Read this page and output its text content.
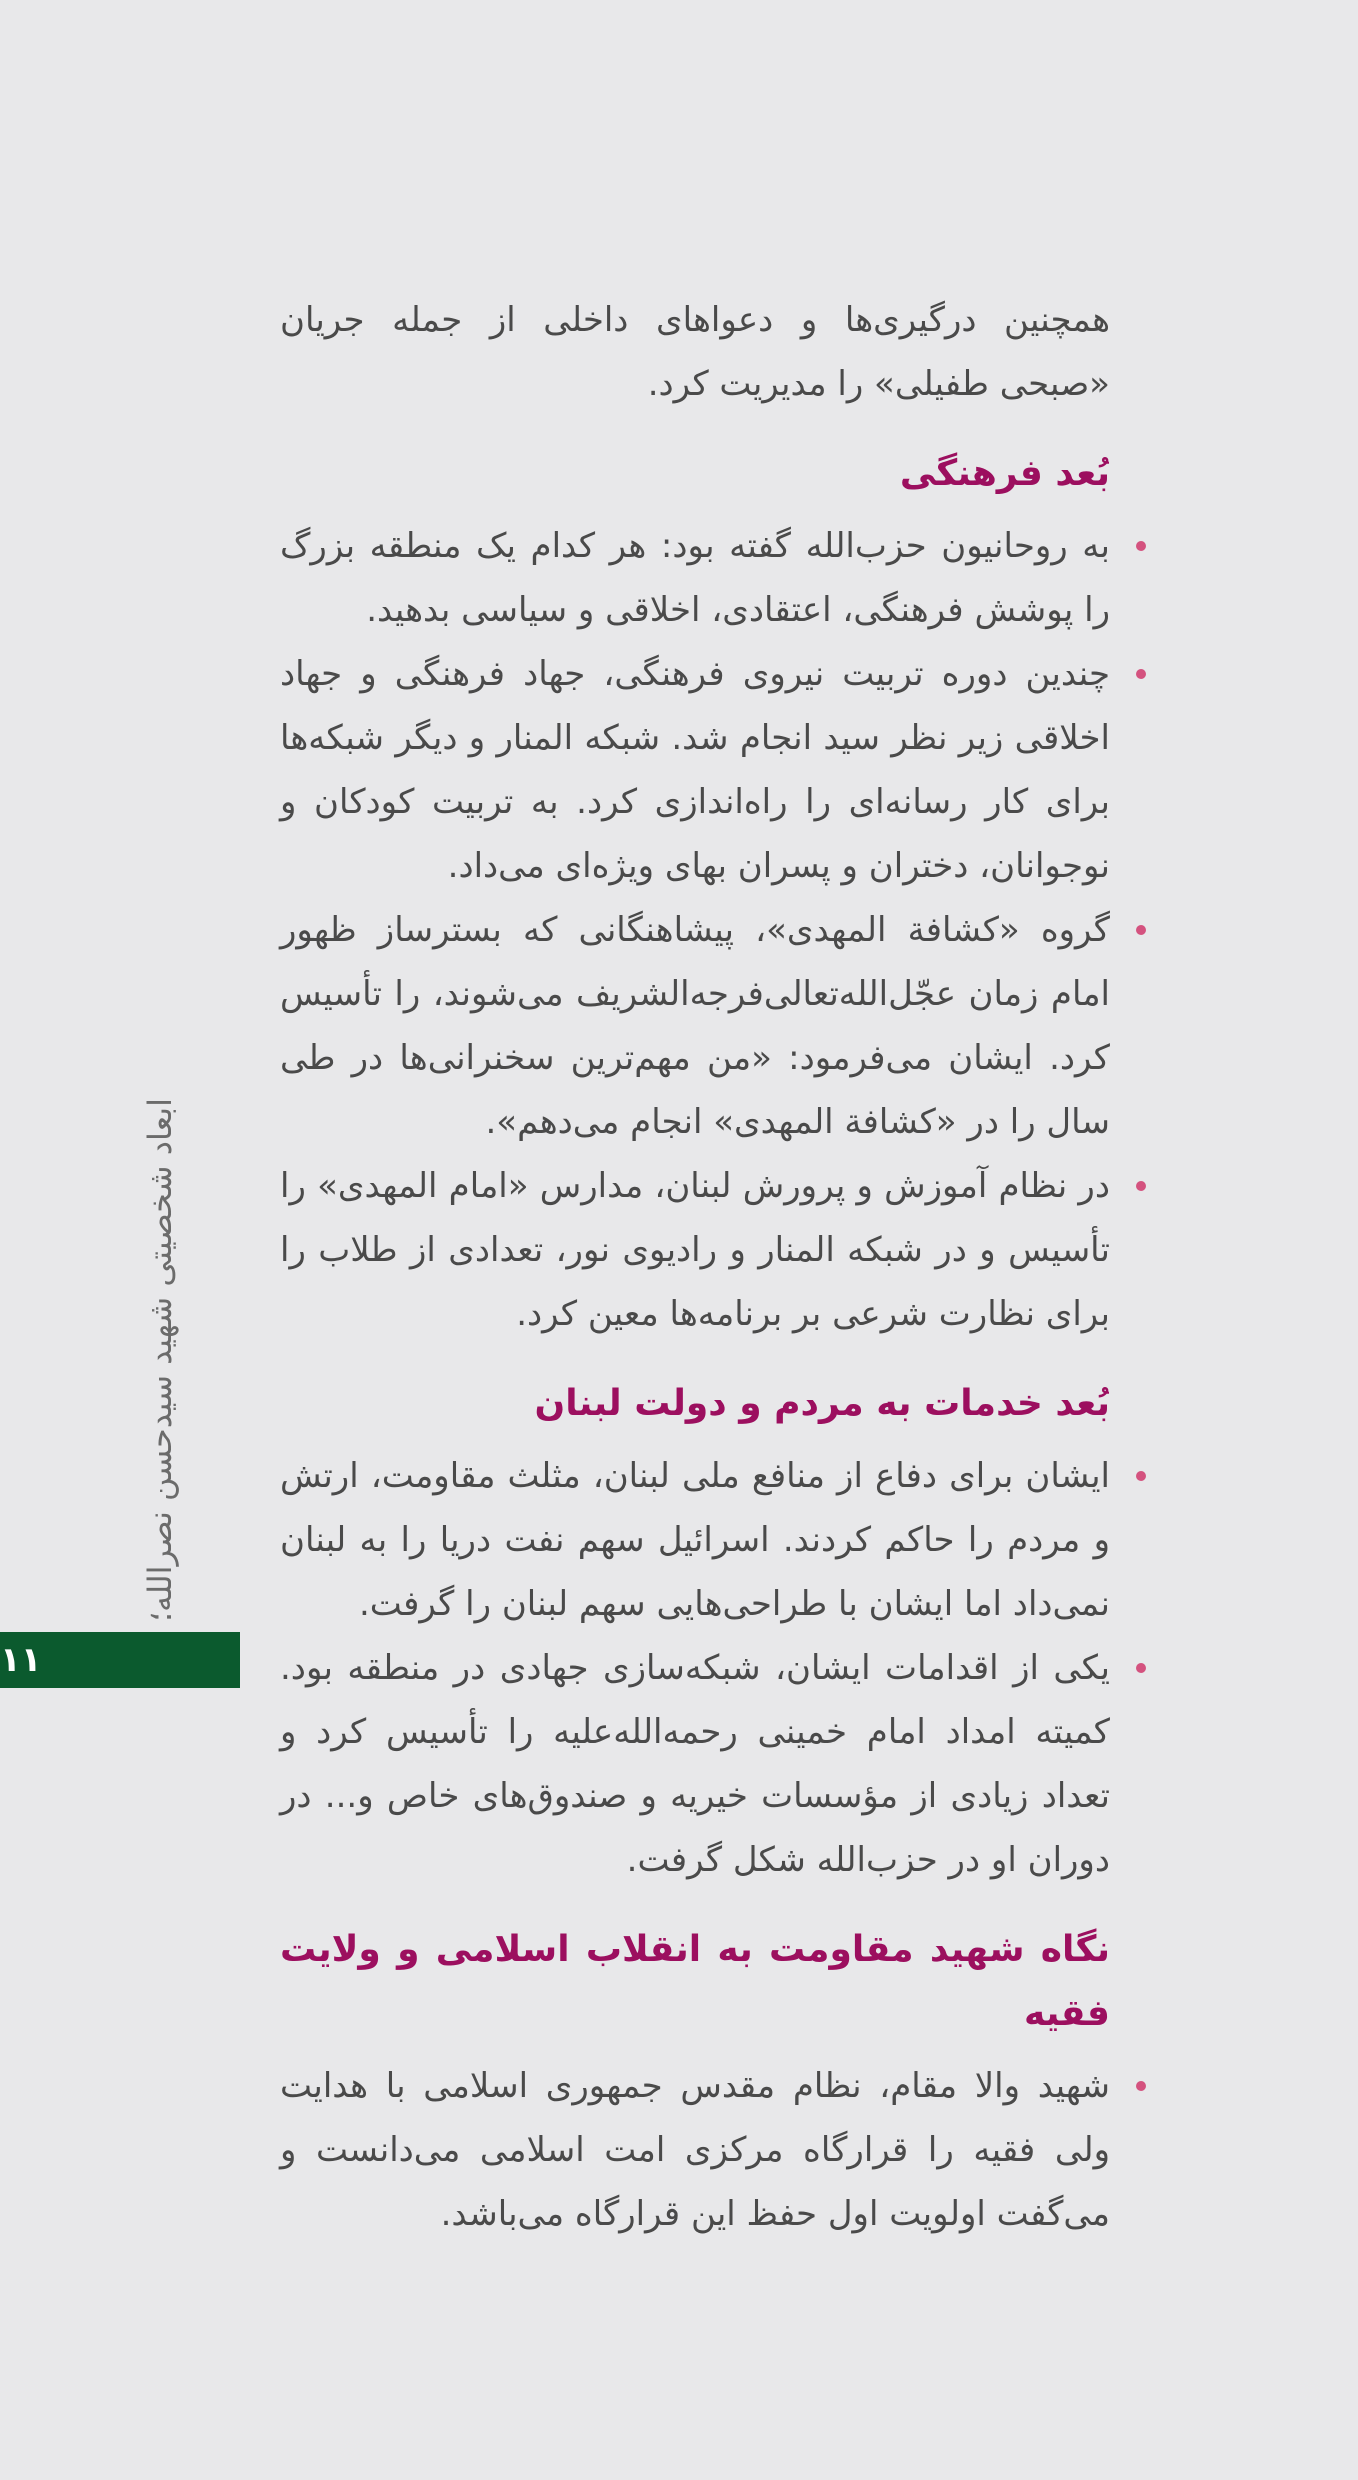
همچنین درگیری‌ها و دعواهای داخلی از جمله جریان «صبحی طفیلی» را مدیریت کرد.

بُعد فرهنگی
به روحانیون حزب‌الله گفته بود: هر کدام یک منطقه بزرگ را پوشش فرهنگی، اعتقادی، اخلاقی و سیاسی بدهید.
چندین دوره تربیت نیروی فرهنگی، جهاد فرهنگی و جهاد اخلاقی زیر نظر سید انجام شد. شبکه المنار و دیگر شبکه‌ها برای کار رسانه‌ای را راه‌اندازی کرد. به تربیت کودکان و نوجوانان، دختران و پسران بهای ویژه‌ای می‌داد.
گروه «کشافة المهدی»، پیشاهنگانی که بسترساز ظهور امام زمان عجّل‌الله‌تعالی‌فرجه‌الشریف می‌شوند، را تأسیس کرد. ایشان می‌فرمود: «من مهم‌ترین سخنرانی‌ها در طی سال را در «کشافة المهدی» انجام می‌دهم».
در نظام آموزش و پرورش لبنان، مدارس «امام المهدی» را تأسیس و در شبکه المنار و رادیوی نور، تعدادی از طلاب را برای نظارت شرعی بر برنامه‌ها معین کرد.
بُعد خدمات به مردم و دولت لبنان
ایشان برای دفاع از منافع ملی لبنان، مثلث مقاومت، ارتش و مردم را حاکم کردند. اسرائیل سهم نفت دریا را به لبنان نمی‌داد اما ایشان با طراحی‌هایی سهم لبنان را گرفت.
یکی از اقدامات ایشان، شبکه‌سازی جهادی در منطقه بود. کمیته امداد امام خمینی رحمه‌الله‌علیه را تأسیس کرد و تعداد زیادی از مؤسسات خیریه و صندوق‌های خاص و... در دوران او در حزب‌الله شکل گرفت.
نگاه شهید مقاومت به انقلاب اسلامی و ولایت فقیه
شهید والا مقام، نظام مقدس جمهوری اسلامی با هدایت ولی فقیه را قرارگاه مرکزی امت اسلامی می‌دانست و می‌گفت اولویت اول حفظ این قرارگاه می‌باشد.
ابعاد شخصیتی شهید سیدحسن نصرالله؛
۱۱
